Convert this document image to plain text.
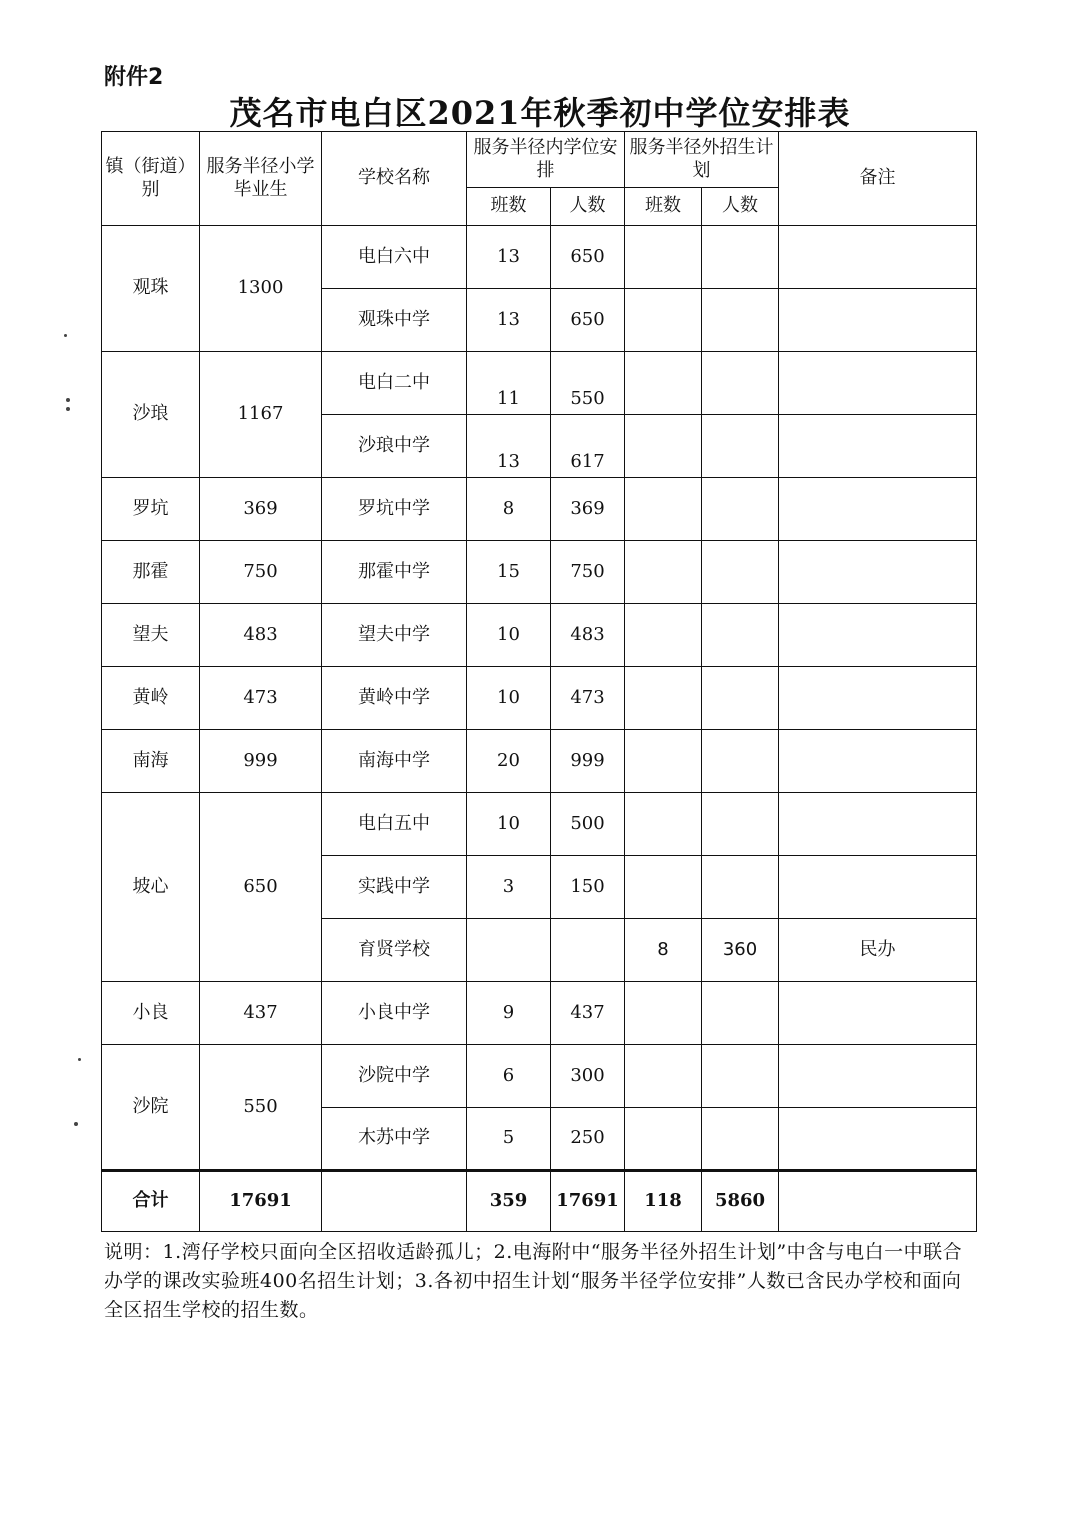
附件2
茂名市电白区2021年秋季初中学位安排表
镇（街道）别	服务半径小学毕业生	学校名称	服务半径内学位安排		服务半径外招生计划		备注
			班数	人数	班数	人数	
观珠	1300	电白六中	13	650			
		观珠中学	13	650			
沙琅	1167	电白二中	11	550			
		沙琅中学	13	617			
罗坑	369	罗坑中学	8	369			
那霍	750	那霍中学	15	750			
望夫	483	望夫中学	10	483			
黄岭	473	黄岭中学	10	473			
南海	999	南海中学	20	999			
坡心	650	电白五中	10	500			
		实践中学	3	150			
		育贤学校			8	360	民办
小良	437	小良中学	9	437			
沙院	550	沙院中学	6	300			
		木苏中学	5	250			
合计	17691		359	17691	118	5860	
说明：1.湾仔学校只面向全区招收适龄孤儿；2.电海附中“服务半径外招生计划”中含与电白一中联合办学的课改实验班400名招生计划；3.各初中招生计划“服务半径学位安排”人数已含民办学校和面向全区招生学校的招生数。
